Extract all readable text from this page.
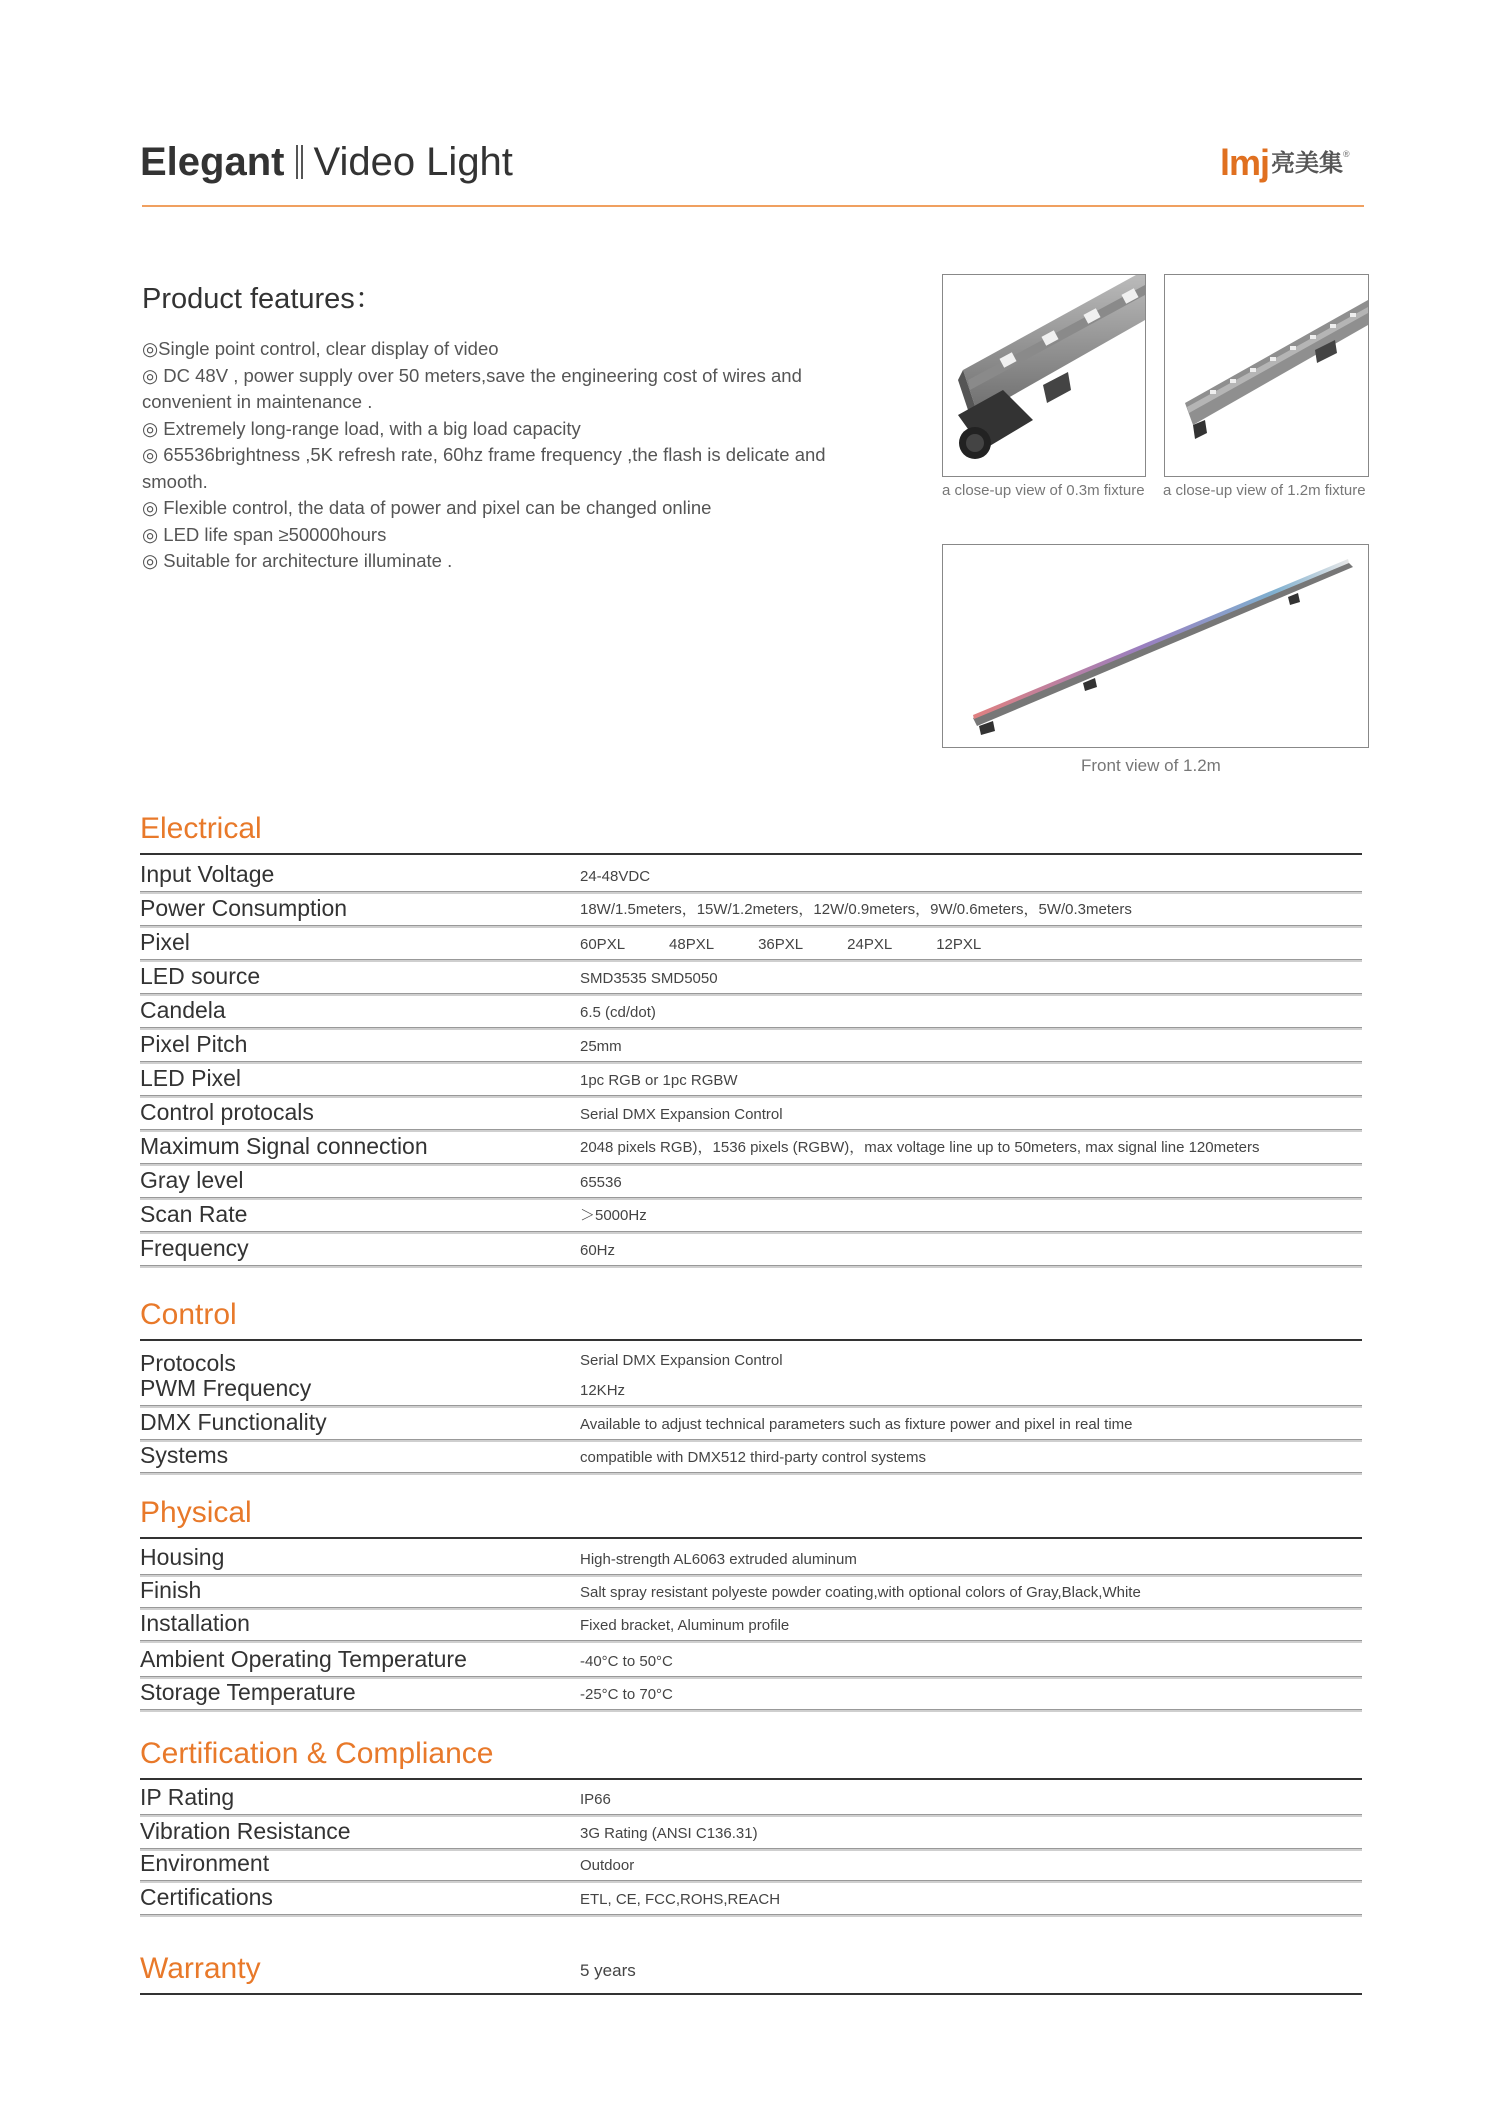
Elegant Video Light	lmj亮美集®
Product features：
◎Single point control, clear display of video
◎ DC 48V , power supply over 50 meters,save the engineering cost of wires and convenient in maintenance .
◎ Extremely long-range load, with a big load capacity
◎ 65536brightness ,5K refresh rate, 60hz frame frequency ,the flash is delicate and smooth.
◎ Flexible control, the data of power and pixel can be changed online
◎ LED life span ≥50000hours
◎ Suitable for architecture illuminate .
a close-up view of 0.3m fixture a close-up view of 1.2m fixture
Front view of 1.2m
Electrical
Input Voltage	24-48VDC
Power Consumption	18W/1.5meters，15W/1.2meters，12W/0.9meters，9W/0.6meters，5W/0.3meters
Pixel	60PXL	48PXL	36PXL	24PXL	12PXL
LED source	SMD3535 SMD5050
Candela	6.5 (cd/dot)
Pixel Pitch	25mm
LED Pixel	1pc RGB or 1pc RGBW
Control protocals	Serial DMX Expansion Control
Maximum Signal connection	2048 pixels RGB)，1536 pixels (RGBW)，max voltage line up to 50meters, max signal line 120meters
Gray level	65536
Scan Rate	＞5000Hz
Frequency	60Hz
Control
Protocols	Serial DMX Expansion Control
PWM Frequency	12KHz
DMX Functionality	Available to adjust technical parameters such as fixture power and pixel in real time
Systems	compatible with DMX512 third-party control systems
Physical
Housing	High-strength AL6063 extruded aluminum
Finish	Salt spray resistant polyeste powder coating,with optional colors of Gray,Black,White
Installation	Fixed bracket, Aluminum profile
Ambient Operating Temperature	-40°C to 50°C
Storage Temperature	-25°C to 70°C
Certification & Compliance
IP Rating	IP66
Vibration Resistance	3G Rating (ANSI C136.31)
Environment	Outdoor
Certifications	ETL, CE, FCC,ROHS,REACH
Warranty	5 years
